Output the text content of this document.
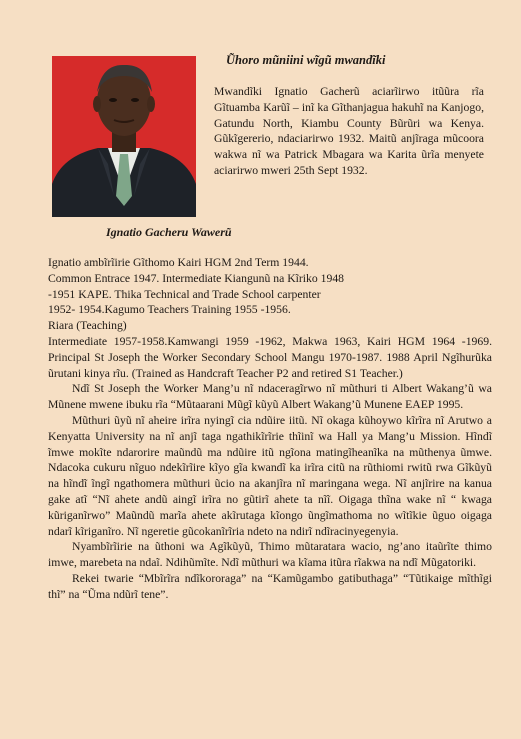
Ignatio Gacheru Wawerũ
Ũhoro mũniini wĩgũ mwandĩki
Mwandĩki Ignatio Gacherũ aciarĩirwo itũũra rĩa Gĩtuamba Karũĩ – inĩ ka Gĩthanjagua hakuhĩ na Kanjogo, Gatundu North, Kiambu County Bũrũri wa Kenya. Gũkĩgererio, ndaciarirwo 1932. Maitũ anjĩraga mũcoora wakwa nĩ wa Patrick Mbagara wa Karita ũrĩa menyete aciarirwo mweri 25th Sept 1932.
Ignatio ambĩrĩirie Gĩthomo Kairi HGM 2nd Term 1944.
Common Entrace 1947. Intermediate Kiangunũ na Kĩriko 1948
-1951 KAPE. Thika Technical and Trade School carpenter
1952- 1954.Kagumo Teachers Training 1955 -1956.
Riara (Teaching)

Intermediate 1957-1958.Kamwangi 1959 -1962, Makwa 1963, Kairi HGM 1964 -1969. Principal St Joseph the Worker Secondary School Mangu 1970-1987. 1988 April Ngĩhurũka ũrutani kinya rĩu. (Trained as Handcraft Teacher P2 and retired S1 Teacher.)

Ndĩ St Joseph the Worker Mang’u nĩ ndaceragĩrwo nĩ mũthuri ti Albert Wakang’ũ wa Mũnene mwene ibuku rĩa “Mũtaarani Mũgĩ kũyũ Albert Wakang’ũ Munene EAEP 1995.

Mũthuri ũyũ nĩ aheire irĩra nyingĩ cia ndũire iitũ. Nĩ okaga kũhoywo kĩrĩra nĩ Arutwo a Kenyatta University na nĩ anjĩ taga ngathikĩrĩrie thĩinĩ wa Hall ya Mang’u Mission. Hĩndĩ ĩmwe mokĩte ndarorire maũndũ ma ndũire itũ ngĩona matingĩheanĩka na mũthenya ũmwe. Ndacoka cukuru nĩguo ndekĩrĩire kĩyo gĩa kwandĩ ka irĩra citũ na rũthiomi rwitũ rwa Gĩkũyũ na hĩndĩ ĩngĩ ngathomera mũthuri ũcio na akanjĩra nĩ maringana wega. Nĩ anjĩrire na kanua gake atĩ “Nĩ ahete andũ aingĩ irĩra no gũtirĩ ahete ta nĩĩ. Oigaga thĩna wake nĩ “ kwaga kũriganĩrwo” Maũndũ marĩa ahete akĩrutaga kĩongo ũngĩmathoma no wĩtĩkie ũguo oigaga ndarĩ kĩriganĩro. Nĩ ngeretie gũcokanĩrĩria ndeto na ndirĩ ndĩracinyegenyia.

Nyambĩrĩirie na ũthoni wa Agĩkũyũ, Thimo mũtaratara wacio, ng’ano itaũrĩte thimo imwe, marebeta na ndaĩ. Ndihũmĩte. Ndĩ mũthuri wa kĩama itũra rĩakwa na ndĩ Mũgatoriki.

Rekei twarie “Mbĩrĩra ndĩkororaga” na “Kamũgambo gatibuthaga” “Tũtikaige mĩthĩgi thĩ” na “Ũma ndũrĩ tene”.
